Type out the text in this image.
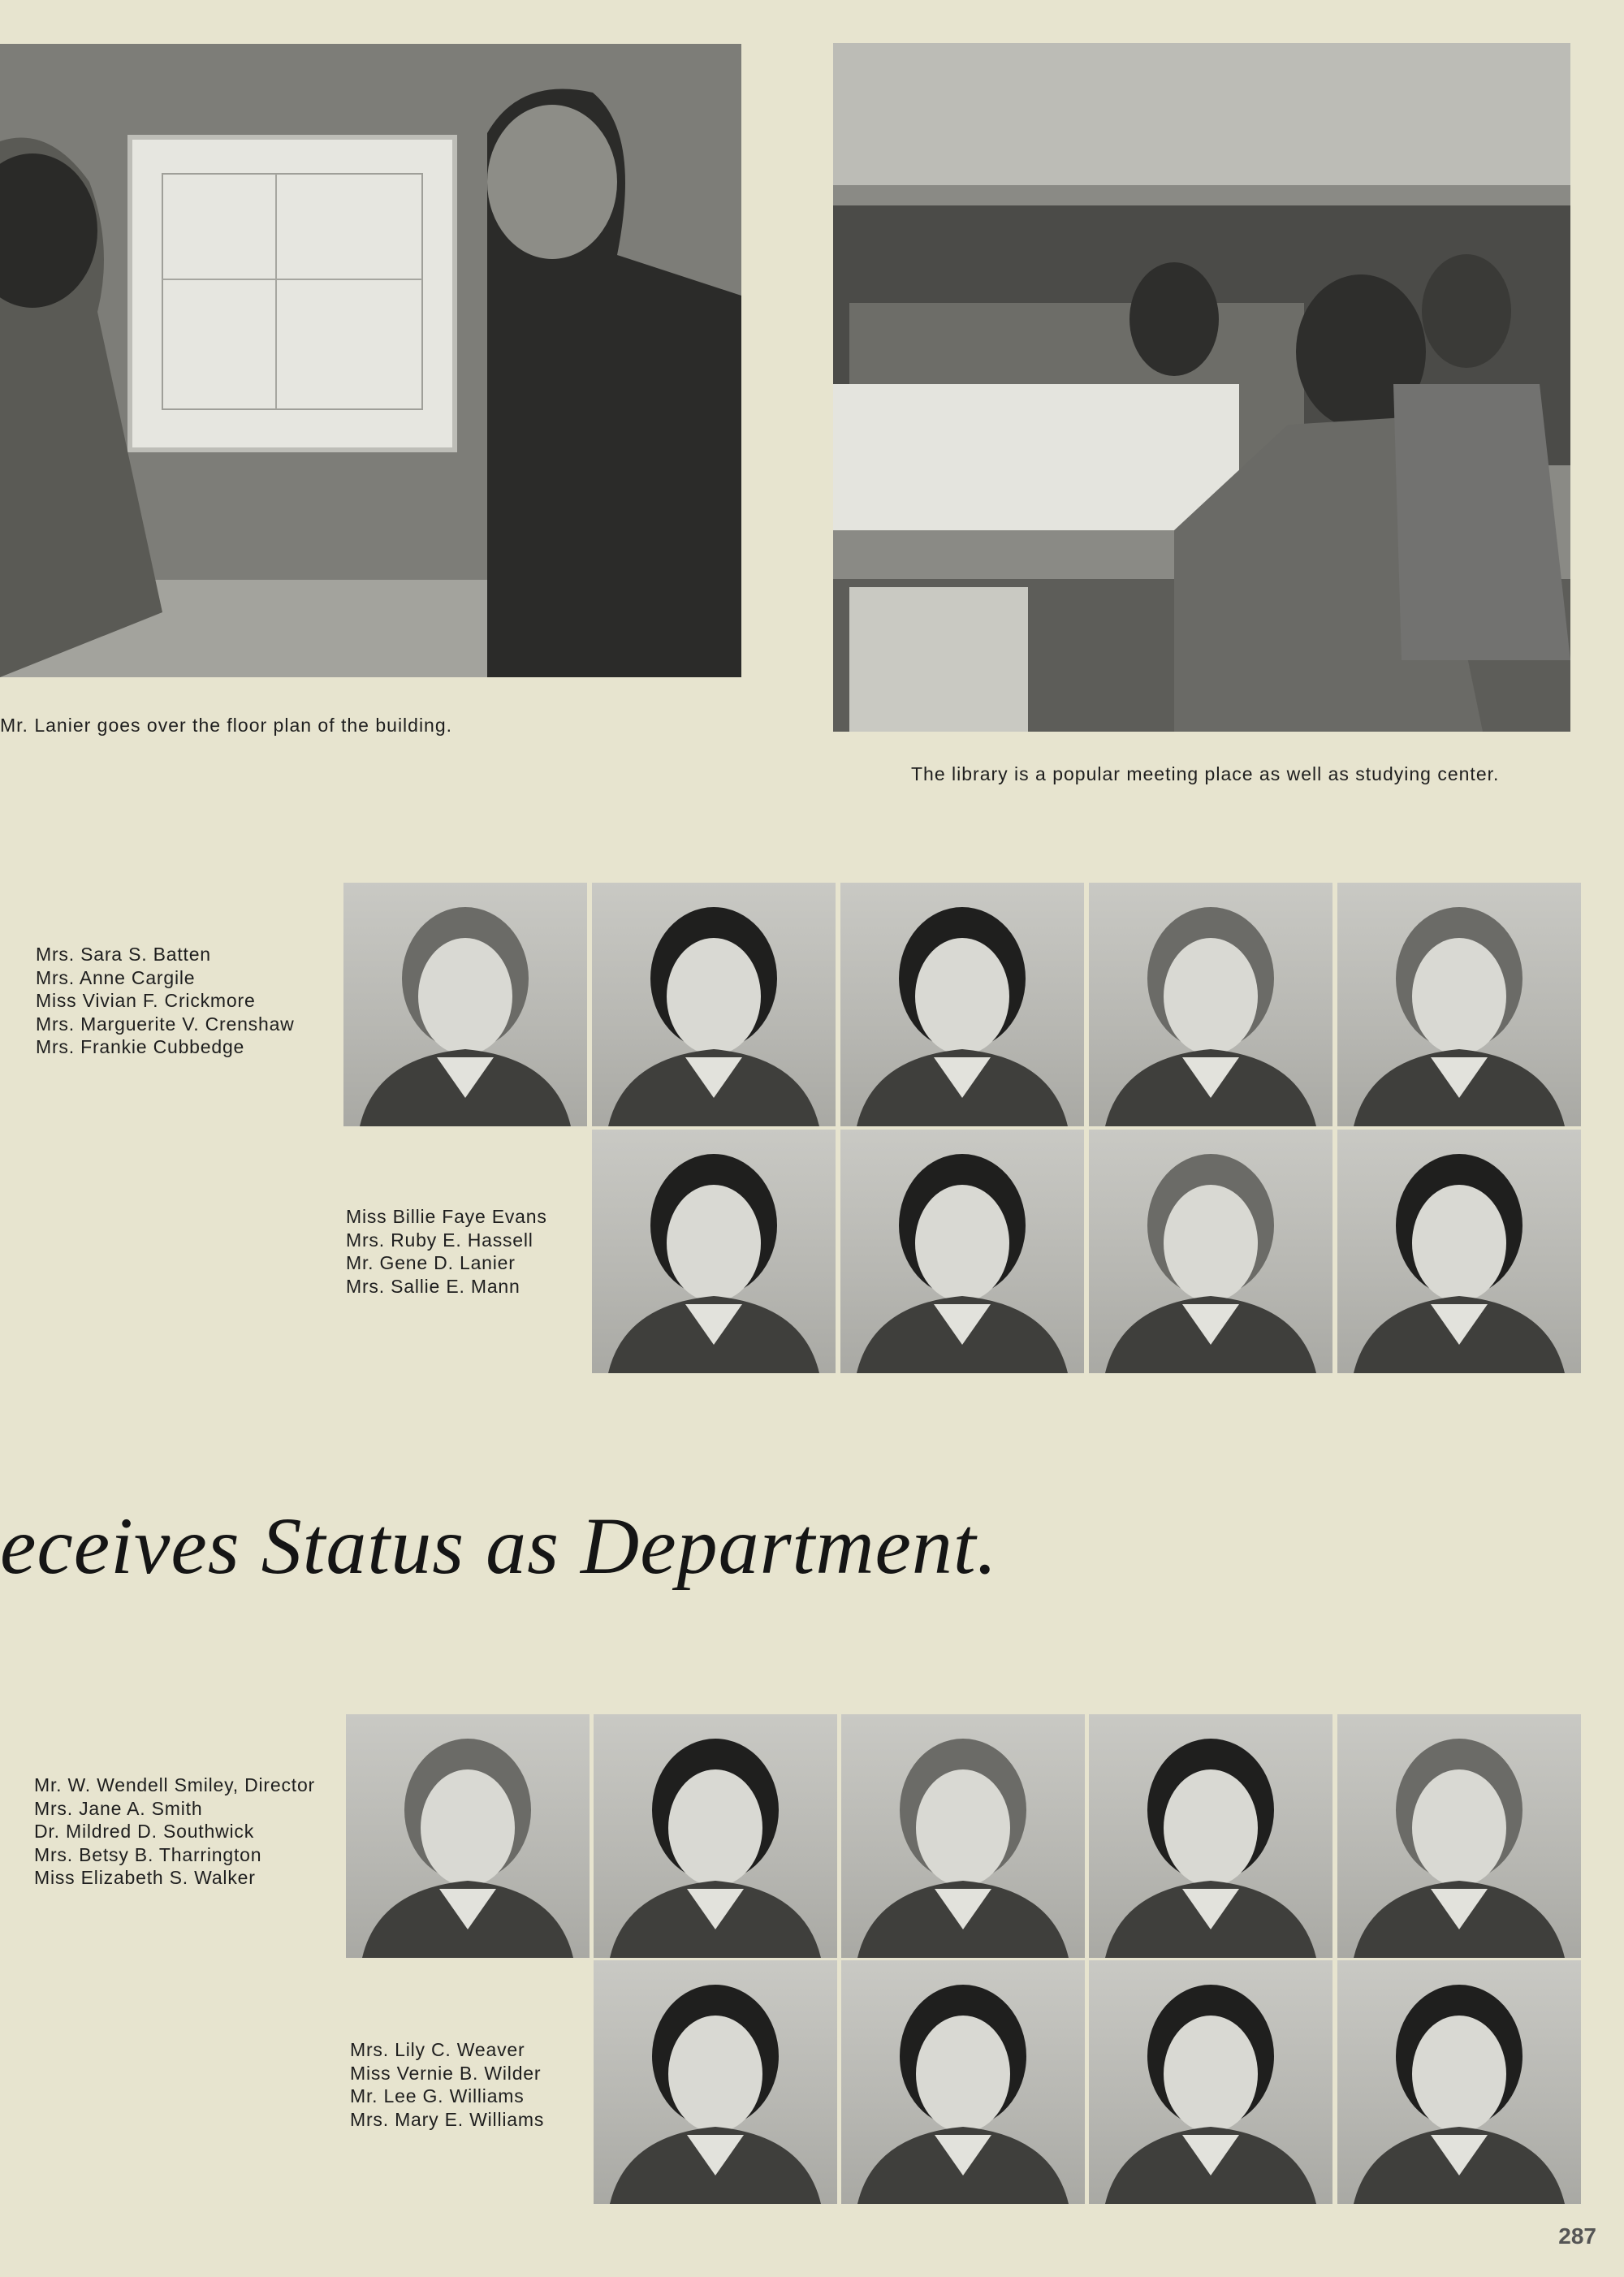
Mr. Lanier goes over the floor plan of the building.
The library is a popular meeting place as well as studying center.
Mrs. Sara S. Batten
Mrs. Anne Cargile
Miss Vivian F. Crickmore
Mrs. Marguerite V. Crenshaw
Mrs. Frankie Cubbedge
Miss Billie Faye Evans
Mrs. Ruby E. Hassell
Mr. Gene D. Lanier
Mrs. Sallie E. Mann
eceives Status as Department.
Mr. W. Wendell Smiley, Director
Mrs. Jane A. Smith
Dr. Mildred D. Southwick
Mrs. Betsy B. Tharrington
Miss Elizabeth S. Walker
Mrs. Lily C. Weaver
Miss Vernie B. Wilder
Mr. Lee G. Williams
Mrs. Mary E. Williams
287
